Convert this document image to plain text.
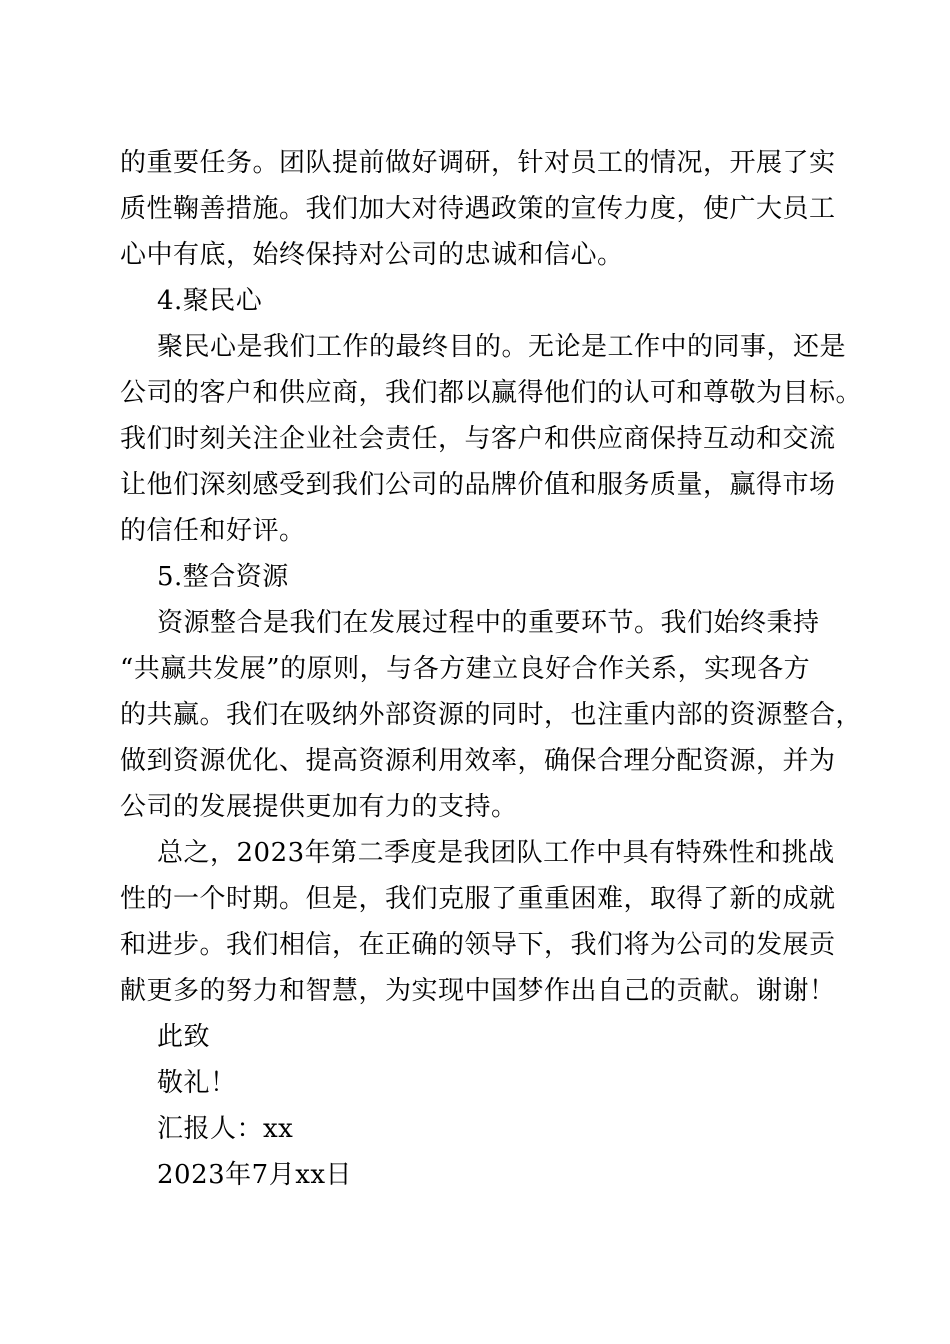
的重要任务。团队提前做好调研，针对员工的情况，开展了实
质性鞠善措施。我们加大对待遇政策的宣传力度，使广大员工
心中有底，始终保持对公司的忠诚和信心。
4.聚民心
聚民心是我们工作的最终目的。无论是工作中的同事，还是
公司的客户和供应商，我们都以赢得他们的认可和尊敬为目标。
我们时刻关注企业社会责任，与客户和供应商保持互动和交流
让他们深刻感受到我们公司的品牌价值和服务质量，赢得市场
的信任和好评。
5.整合资源
资源整合是我们在发展过程中的重要环节。我们始终秉持
“共赢共发展”的原则，与各方建立良好合作关系，实现各方
的共赢。我们在吸纳外部资源的同时，也注重内部的资源整合，
做到资源优化、提高资源利用效率，确保合理分配资源，并为
公司的发展提供更加有力的支持。
总之，2023年第二季度是我团队工作中具有特殊性和挑战
性的一个时期。但是，我们克服了重重困难，取得了新的成就
和进步。我们相信，在正确的领导下，我们将为公司的发展贡
献更多的努力和智慧，为实现中国梦作出自己的贡献。谢谢！
此致
敬礼！
汇报人：xx
2023年7月xx日
